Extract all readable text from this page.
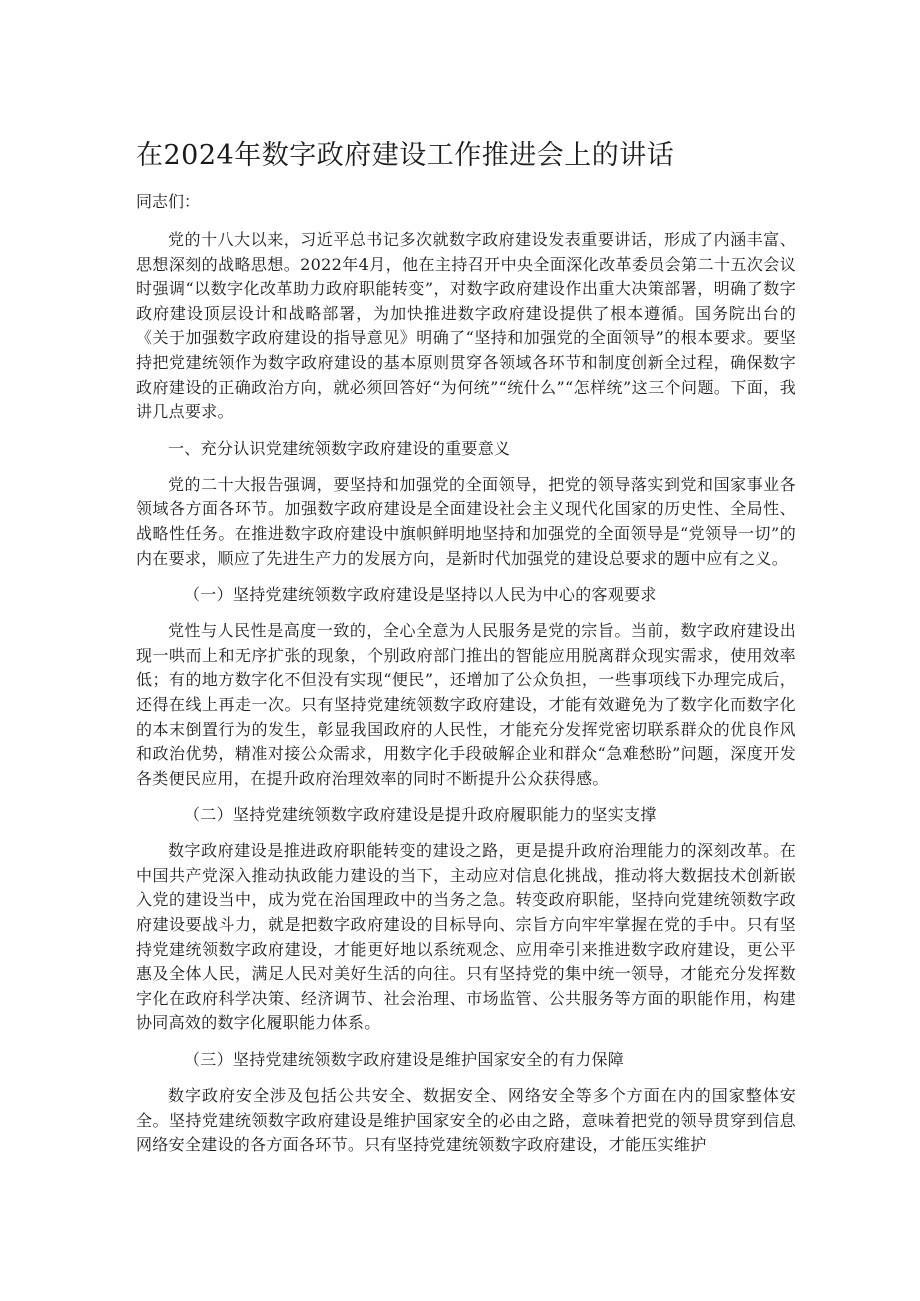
在2024年数字政府建设工作推进会上的讲话

同志们：

党的十八大以来，习近平总书记多次就数字政府建设发表重要讲话，形成了内涵丰富、思想深刻的战略思想。2022年4月，他在主持召开中央全面深化改革委员会第二十五次会议时强调“以数字化改革助力政府职能转变”，对数字政府建设作出重大决策部署，明确了数字政府建设顶层设计和战略部署，为加快推进数字政府建设提供了根本遵循。国务院出台的《关于加强数字政府建设的指导意见》明确了“坚持和加强党的全面领导”的根本要求。要坚持把党建统领作为数字政府建设的基本原则贯穿各领域各环节和制度创新全过程，确保数字政府建设的正确政治方向，就必须回答好“为何统”“统什么”“怎样统”这三个问题。下面，我讲几点要求。

一、充分认识党建统领数字政府建设的重要意义

党的二十大报告强调，要坚持和加强党的全面领导，把党的领导落实到党和国家事业各领域各方面各环节。加强数字政府建设是全面建设社会主义现代化国家的历史性、全局性、战略性任务。在推进数字政府建设中旗帜鲜明地坚持和加强党的全面领导是“党领导一切”的内在要求，顺应了先进生产力的发展方向，是新时代加强党的建设总要求的题中应有之义。

（一）坚持党建统领数字政府建设是坚持以人民为中心的客观要求

党性与人民性是高度一致的，全心全意为人民服务是党的宗旨。当前，数字政府建设出现一哄而上和无序扩张的现象，个别政府部门推出的智能应用脱离群众现实需求，使用效率低；有的地方数字化不但没有实现“便民”，还增加了公众负担，一些事项线下办理完成后，还得在线上再走一次。只有坚持党建统领数字政府建设，才能有效避免为了数字化而数字化的本末倒置行为的发生，彰显我国政府的人民性，才能充分发挥党密切联系群众的优良作风和政治优势，精准对接公众需求，用数字化手段破解企业和群众“急难愁盼”问题，深度开发各类便民应用，在提升政府治理效率的同时不断提升公众获得感。

（二）坚持党建统领数字政府建设是提升政府履职能力的坚实支撑

数字政府建设是推进政府职能转变的建设之路，更是提升政府治理能力的深刻改革。在中国共产党深入推动执政能力建设的当下，主动应对信息化挑战，推动将大数据技术创新嵌入党的建设当中，成为党在治国理政中的当务之急。转变政府职能，坚持向党建统领数字政府建设要战斗力，就是把数字政府建设的目标导向、宗旨方向牢牢掌握在党的手中。只有坚持党建统领数字政府建设，才能更好地以系统观念、应用牵引来推进数字政府建设，更公平惠及全体人民，满足人民对美好生活的向往。只有坚持党的集中统一领导，才能充分发挥数字化在政府科学决策、经济调节、社会治理、市场监管、公共服务等方面的职能作用，构建协同高效的数字化履职能力体系。

（三）坚持党建统领数字政府建设是维护国家安全的有力保障

数字政府安全涉及包括公共安全、数据安全、网络安全等多个方面在内的国家整体安全。坚持党建统领数字政府建设是维护国家安全的必由之路，意味着把党的领导贯穿到信息网络安全建设的各方面各环节。只有坚持党建统领数字政府建设，才能压实维护
